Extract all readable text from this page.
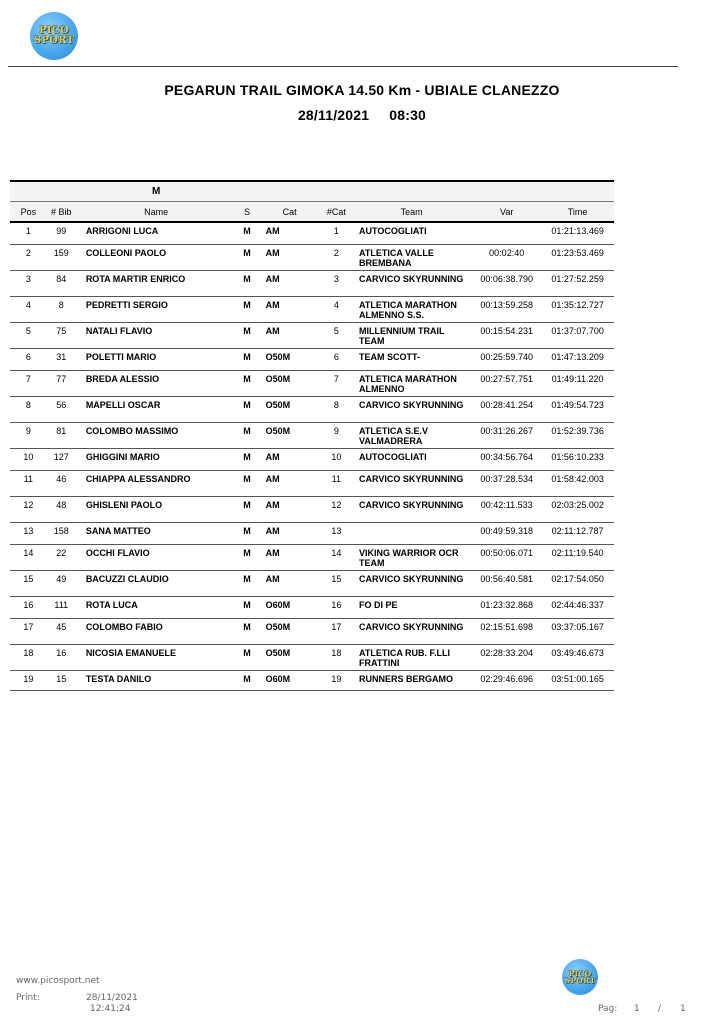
PICO
SPORT
PEGARUN TRAIL GIMOKA 14.50 Km - UBIALE CLANEZZO
28/11/2021 08:30
		M						
Pos	# Bib	Name	S	Cat	#Cat	Team	Var	Time
1	99	ARRIGONI LUCA	M	AM	1	AUTOCOGLIATI		01:21:13.469
2	159	COLLEONI PAOLO	M	AM	2	ATLETICA VALLE BREMBANA	00:02:40	01:23:53.469
3	84	ROTA MARTIR ENRICO	M	AM	3	CARVICO SKYRUNNING	00:06:38.790	01:27:52.259
4	8	PEDRETTI SERGIO	M	AM	4	ATLETICA MARATHON ALMENNO S.S.	00:13:59.258	01:35:12.727
5	75	NATALI FLAVIO	M	AM	5	MILLENNIUM TRAIL TEAM	00:15:54.231	01:37:07.700
6	31	POLETTI MARIO	M	O50M	6	TEAM SCOTT-	00:25:59.740	01:47:13.209
7	77	BREDA ALESSIO	M	O50M	7	ATLETICA MARATHON ALMENNO	00:27:57.751	01:49:11.220
8	56	MAPELLI OSCAR	M	O50M	8	CARVICO SKYRUNNING	00:28:41.254	01:49:54.723
9	81	COLOMBO MASSIMO	M	O50M	9	ATLETICA S.E.V VALMADRERA	00:31:26.267	01:52:39.736
10	127	GHIGGINI MARIO	M	AM	10	AUTOCOGLIATI	00:34:56.764	01:56:10.233
11	46	CHIAPPA ALESSANDRO	M	AM	11	CARVICO SKYRUNNING	00:37:28.534	01:58:42.003
12	48	GHISLENI PAOLO	M	AM	12	CARVICO SKYRUNNING	00:42:11.533	02:03:25.002
13	158	SANA MATTEO	M	AM	13		00:49:59.318	02:11:12.787
14	22	OCCHI FLAVIO	M	AM	14	VIKING WARRIOR OCR TEAM	00:50:06.071	02:11:19.540
15	49	BACUZZI CLAUDIO	M	AM	15	CARVICO SKYRUNNING	00:56:40.581	02:17:54.050
16	111	ROTA LUCA	M	O60M	16	FO DI PE	01:23:32.868	02:44:46.337
17	45	COLOMBO FABIO	M	O50M	17	CARVICO SKYRUNNING	02:15:51.698	03:37:05.167
18	16	NICOSIA EMANUELE	M	O50M	18	ATLETICA RUB. F.LLI FRATTINI	02:28:33.204	03:49:46.673
19	15	TESTA DANILO	M	O60M	19	RUNNERS BERGAMO	02:29:46.696	03:51:00.165
www.picosport.net
Print:	28/11/2021
12:41:24
PICO
SPORT
Pag: 1 / 1
